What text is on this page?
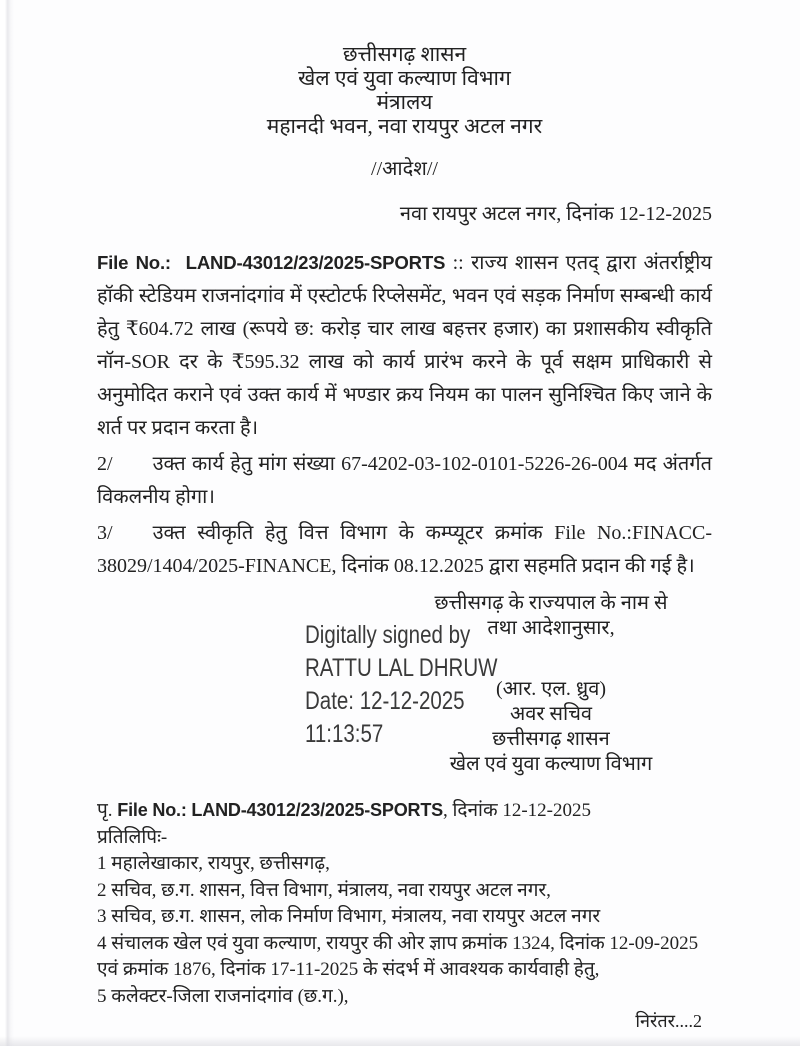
छत्तीसगढ़ शासन
खेल एवं युवा कल्याण विभाग
मंत्रालय
महानदी भवन, नवा रायपुर अटल नगर
//आदेश//
नवा रायपुर अटल नगर, दिनांक 12-12-2025

File No.: LAND-43012/23/2025-SPORTS :: राज्य शासन एतद् द्वारा अंतर्राष्ट्रीय हॉकी स्टेडियम राजनांदगांव में एस्टोटर्फ रिप्लेसमेंट, भवन एवं सड़क निर्माण सम्बन्धी कार्य हेतु ₹604.72 लाख (रूपये छ: करोड़ चार लाख बहत्तर हजार) का प्रशासकीय स्वीकृति नॉन-SOR दर के ₹595.32 लाख को कार्य प्रारंभ करने के पूर्व सक्षम प्राधिकारी से अनुमोदित कराने एवं उक्त कार्य में भण्डार क्रय नियम का पालन सुनिश्चित किए जाने के शर्त पर प्रदान करता है।

2/ उक्त कार्य हेतु मांग संख्या 67-4202-03-102-0101-5226-26-004 मद अंतर्गत विकलनीय होगा।

3/ उक्त स्वीकृति हेतु वित्त विभाग के कम्प्यूटर क्रमांक File No.:FINACC-38029/1404/2025-FINANCE, दिनांक 08.12.2025 द्वारा सहमति प्रदान की गई है।

Digitally signed by
RATTU LAL DHRUW
Date: 12-12-2025
11:13:57
छत्तीसगढ़ के राज्यपाल के नाम से
तथा आदेशानुसार,
(आर. एल. ध्रुव)
अवर सचिव
छत्तीसगढ़ शासन
खेल एवं युवा कल्याण विभाग
पृ. File No.: LAND-43012/23/2025-SPORTS, दिनांक 12-12-2025
प्रतिलिपिः-
1 महालेखाकार, रायपुर, छत्तीसगढ़,
2 सचिव, छ.ग. शासन, वित्त विभाग, मंत्रालय, नवा रायपुर अटल नगर,
3 सचिव, छ.ग. शासन, लोक निर्माण विभाग, मंत्रालय, नवा रायपुर अटल नगर
4 संचालक खेल एवं युवा कल्याण, रायपुर की ओर ज्ञाप क्रमांक 1324, दिनांक 12-09-2025 एवं क्रमांक 1876, दिनांक 17-11-2025 के संदर्भ में आवश्यक कार्यवाही हेतु,
5 कलेक्टर-जिला राजनांदगांव (छ.ग.),
निरंतर....2
